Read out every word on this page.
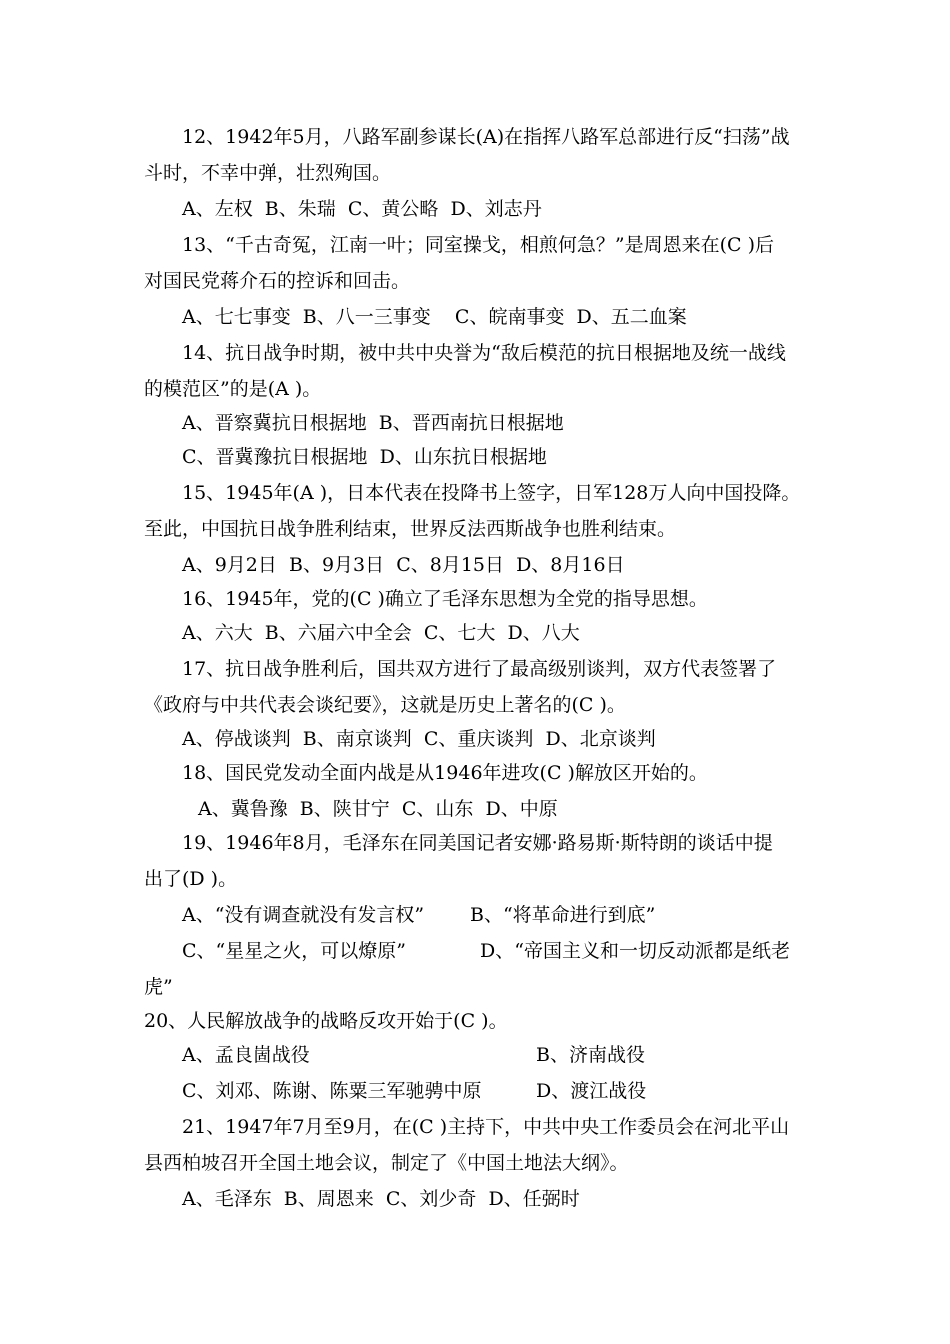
12、1942年5月，八路军副参谋长(A)在指挥八路军总部进行反“扫荡”战
斗时，不幸中弹，壮烈殉国。
A、左权  B、朱瑞  C、黄公略  D、刘志丹
13、“千古奇冤，江南一叶；同室操戈，相煎何急？”是周恩来在(C )后
对国民党蒋介石的控诉和回击。
A、七七事变  B、八一三事变    C、皖南事变  D、五二血案
14、抗日战争时期，被中共中央誉为“敌后模范的抗日根据地及统一战线
的模范区”的是(A )。
A、晋察冀抗日根据地  B、晋西南抗日根据地
C、晋冀豫抗日根据地  D、山东抗日根据地
15、1945年(A )，日本代表在投降书上签字，日军128万人向中国投降。
至此，中国抗日战争胜利结束，世界反法西斯战争也胜利结束。
A、9月2日  B、9月3日  C、8月15日  D、8月16日
16、1945年，党的(C )确立了毛泽东思想为全党的指导思想。
A、六大  B、六届六中全会  C、七大  D、八大
17、抗日战争胜利后，国共双方进行了最高级别谈判，双方代表签署了
《政府与中共代表会谈纪要》，这就是历史上著名的(C )。
A、停战谈判  B、南京谈判  C、重庆谈判  D、北京谈判
18、国民党发动全面内战是从1946年进攻(C )解放区开始的。
A、冀鲁豫  B、陕甘宁  C、山东  D、中原
19、1946年8月，毛泽东在同美国记者安娜·路易斯·斯特朗的谈话中提
出了(D )。
A、“没有调查就没有发言权” B、“将革命进行到底”
C、“星星之火，可以燎原”	D、“帝国主义和一切反动派都是纸老
虎”
20、人民解放战争的战略反攻开始于(C )。
A、孟良崮战役	B、济南战役
C、刘邓、陈谢、陈粟三军驰骋中原	D、渡江战役
21、1947年7月至9月，在(C )主持下，中共中央工作委员会在河北平山
县西柏坡召开全国土地会议，制定了《中国土地法大纲》。
A、毛泽东  B、周恩来  C、刘少奇  D、任弼时
